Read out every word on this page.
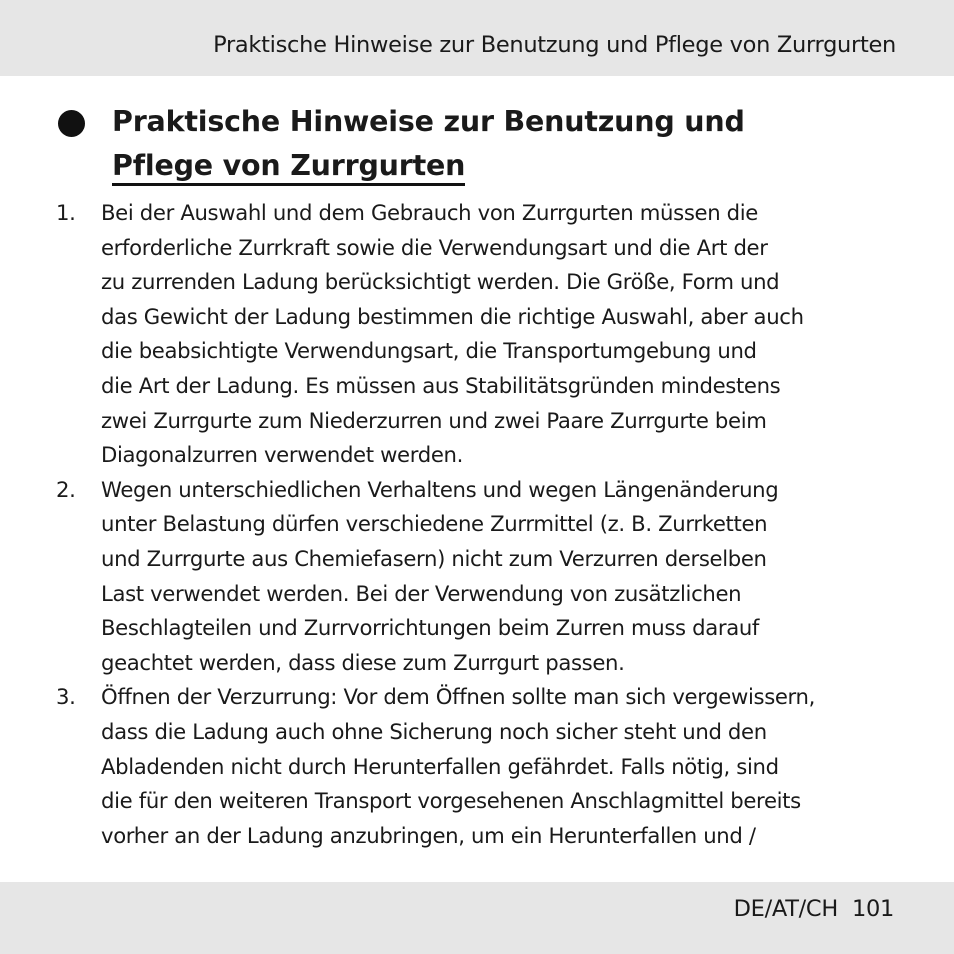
Praktische Hinweise zur Benutzung und Pflege von Zurrgurten
Praktische Hinweise zur Benutzung und
Pflege von Zurrgurten
1. Bei der Auswahl und dem Gebrauch von Zurrgurten müssen die
erforderliche Zurrkraft sowie die Verwendungsart und die Art der
zu zurrenden Ladung berücksichtigt werden. Die Größe, Form und
das Gewicht der Ladung bestimmen die richtige Auswahl, aber auch
die beabsichtigte Verwendungsart, die Transportumgebung und
die Art der Ladung. Es müssen aus Stabilitätsgründen mindestens
zwei Zurrgurte zum Niederzurren und zwei Paare Zurrgurte beim
Diagonalzurren verwendet werden.
2. Wegen unterschiedlichen Verhaltens und wegen Längenänderung
unter Belastung dürfen verschiedene Zurrmittel (z. B. Zurrketten
und Zurrgurte aus Chemiefasern) nicht zum Verzurren derselben
Last verwendet werden. Bei der Verwendung von zusätzlichen
Beschlagteilen und Zurrvorrichtungen beim Zurren muss darauf
geachtet werden, dass diese zum Zurrgurt passen.
3. Öffnen der Verzurrung: Vor dem Öffnen sollte man sich vergewissern,
dass die Ladung auch ohne Sicherung noch sicher steht und den
Abladenden nicht durch Herunterfallen gefährdet. Falls nötig, sind
die für den weiteren Transport vorgesehenen Anschlagmittel bereits
vorher an der Ladung anzubringen, um ein Herunterfallen und /
DE/AT/CH 101
